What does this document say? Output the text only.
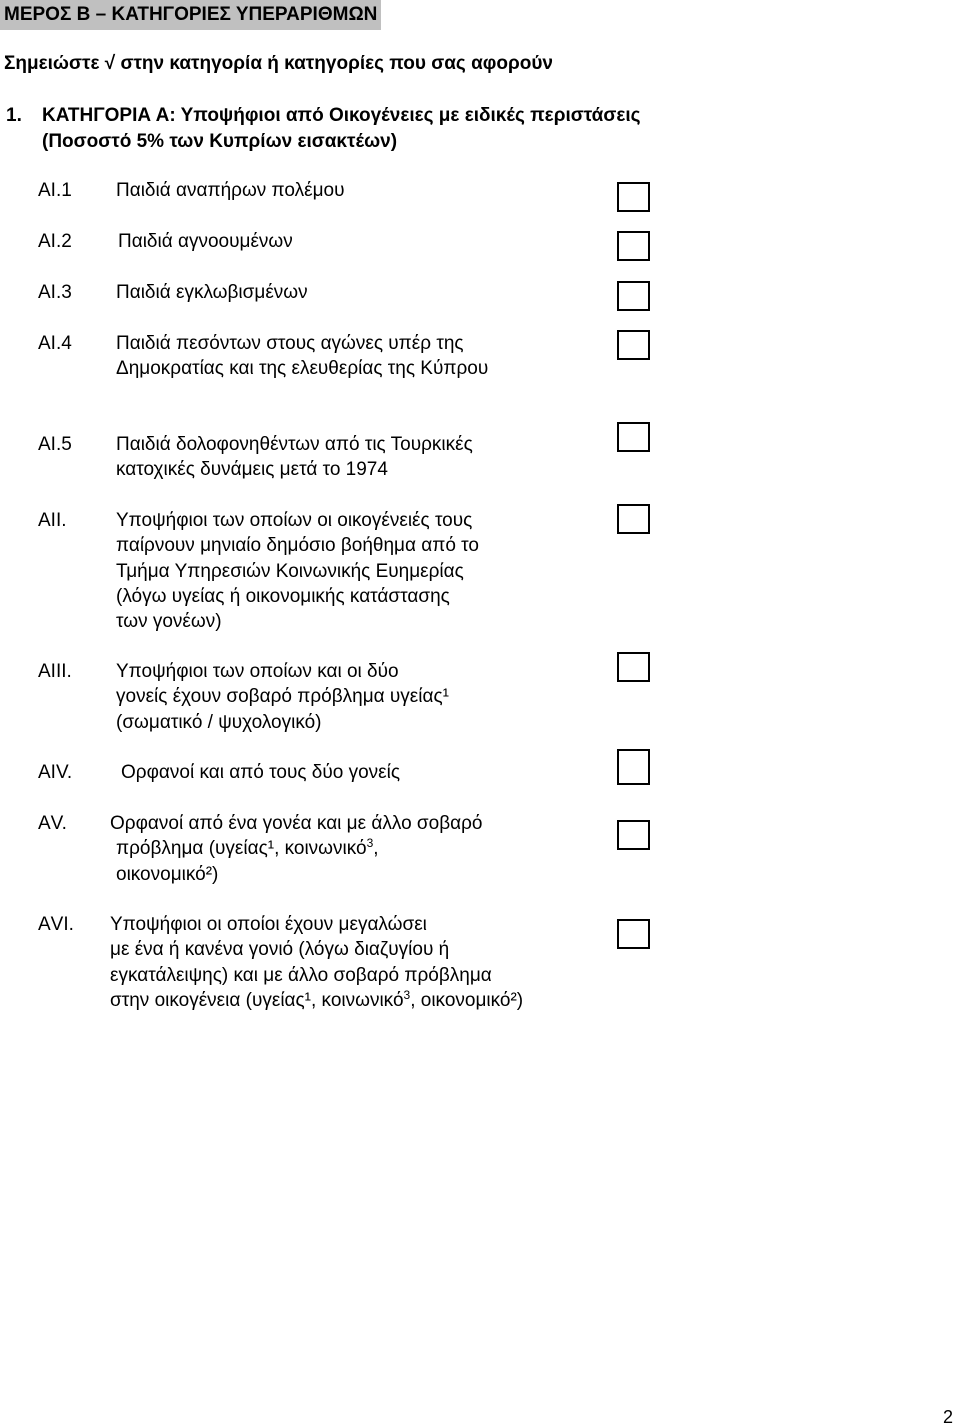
ΜΕΡΟΣ Β – ΚΑΤΗΓΟΡΙΕΣ ΥΠΕΡΑΡΙΘΜΩΝ
Σημειώστε √ στην κατηγορία ή κατηγορίες που σας αφορούν
1. ΚΑΤΗΓΟΡΙΑ Α: Υποψήφιοι από Οικογένειες με ειδικές περιστάσεις
(Ποσοστό 5% των Κυπρίων εισακτέων)
ΑΙ.1 Παιδιά αναπήρων πολέμου
ΑΙ.2 Παιδιά αγνοουμένων
ΑΙ.3 Παιδιά εγκλωβισμένων
ΑΙ.4 Παιδιά πεσόντων στους αγώνες υπέρ της
Δημοκρατίας και της ελευθερίας της Κύπρου
ΑΙ.5 Παιδιά δολοφονηθέντων από τις Τουρκικές
κατοχικές δυνάμεις μετά το 1974
ΑΙΙ.	Υποψήφιοι των οποίων οι οικογένειές τους
παίρνουν μηνιαίο δημόσιο βοήθημα από το
Τμήμα Υπηρεσιών Κοινωνικής Ευημερίας
(λόγω υγείας ή οικονομικής κατάστασης
των γονέων)
ΑΙΙΙ. Υποψήφιοι των οποίων και οι δύο
γονείς έχουν σοβαρό πρόβλημα υγείας¹
(σωματικό / ψυχολογικό)
ΑΙV.	Ορφανοί και από τους δύο γονείς
ΑV. Ορφανοί από ένα γονέα και με άλλο σοβαρό
πρόβλημα (υγείας¹, κοινωνικό$^3$,
οικονομικό²)
ΑVΙ. Υποψήφιοι οι οποίοι έχουν μεγαλώσει
με ένα ή κανένα γονιό (λόγω διαζυγίου ή
εγκατάλειψης) και με άλλο σοβαρό πρόβλημα
στην οικογένεια (υγείας¹, κοινωνικό$^3$, οικονομικό²)
2
